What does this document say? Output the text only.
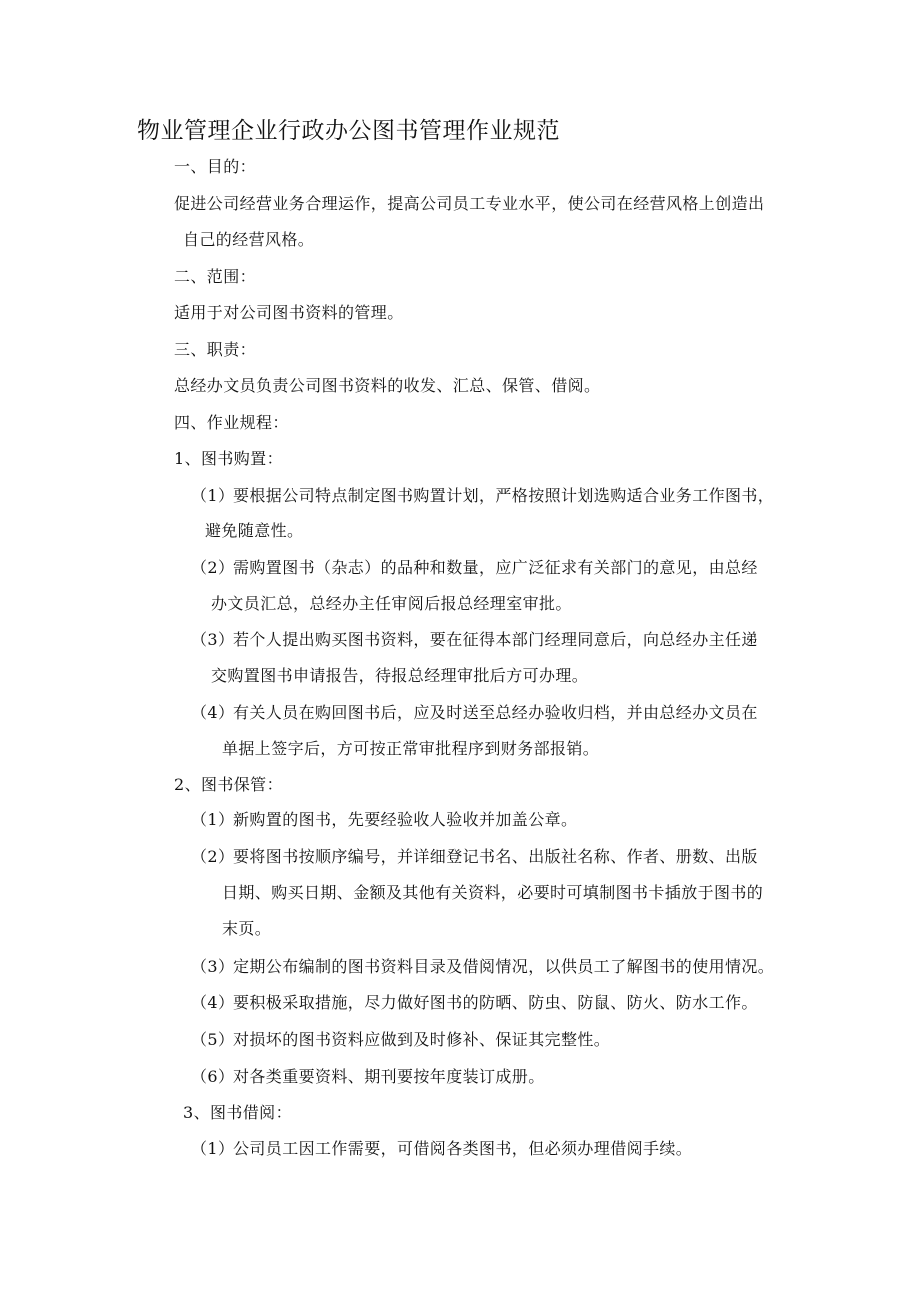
物业管理企业行政办公图书管理作业规范
一、目的：
促进公司经营业务合理运作，提高公司员工专业水平，使公司在经营风格上创造出
自己的经营风格。
二、范围：
适用于对公司图书资料的管理。
三、职责：
总经办文员负责公司图书资料的收发、汇总、保管、借阅。
四、作业规程：
1、图书购置：
（1）
要根据公司特点制定图书购置计划，严格按照计划选购适合业务工作图书，
避免随意性。
（2）
需购置图书（杂志）的品种和数量，应广泛征求有关部门的意见，由总经
办文员汇总，总经办主任审阅后报总经理室审批。
（3）
若个人提出购买图书资料，要在征得本部门经理同意后，向总经办主任递
交购置图书申请报告，待报总经理审批后方可办理。
（4）
有关人员在购回图书后，应及时送至总经办验收归档，并由总经办文员在
单据上签字后，方可按正常审批程序到财务部报销。
2、图书保管：
（1）
新购置的图书，先要经验收人验收并加盖公章。
（2）
要将图书按顺序编号，并详细登记书名、出版社名称、作者、册数、出版
日期、购买日期、金额及其他有关资料，必要时可填制图书卡插放于图书的
末页。
（3）
定期公布编制的图书资料目录及借阅情况，以供员工了解图书的使用情况。
（4）
要积极采取措施，尽力做好图书的防晒、防虫、防鼠、防火、防水工作。
（5）
对损坏的图书资料应做到及时修补、保证其完整性。
（6）
对各类重要资料、期刊要按年度装订成册。
3、图书借阅：
（1）
公司员工因工作需要，可借阅各类图书，但必须办理借阅手续。
